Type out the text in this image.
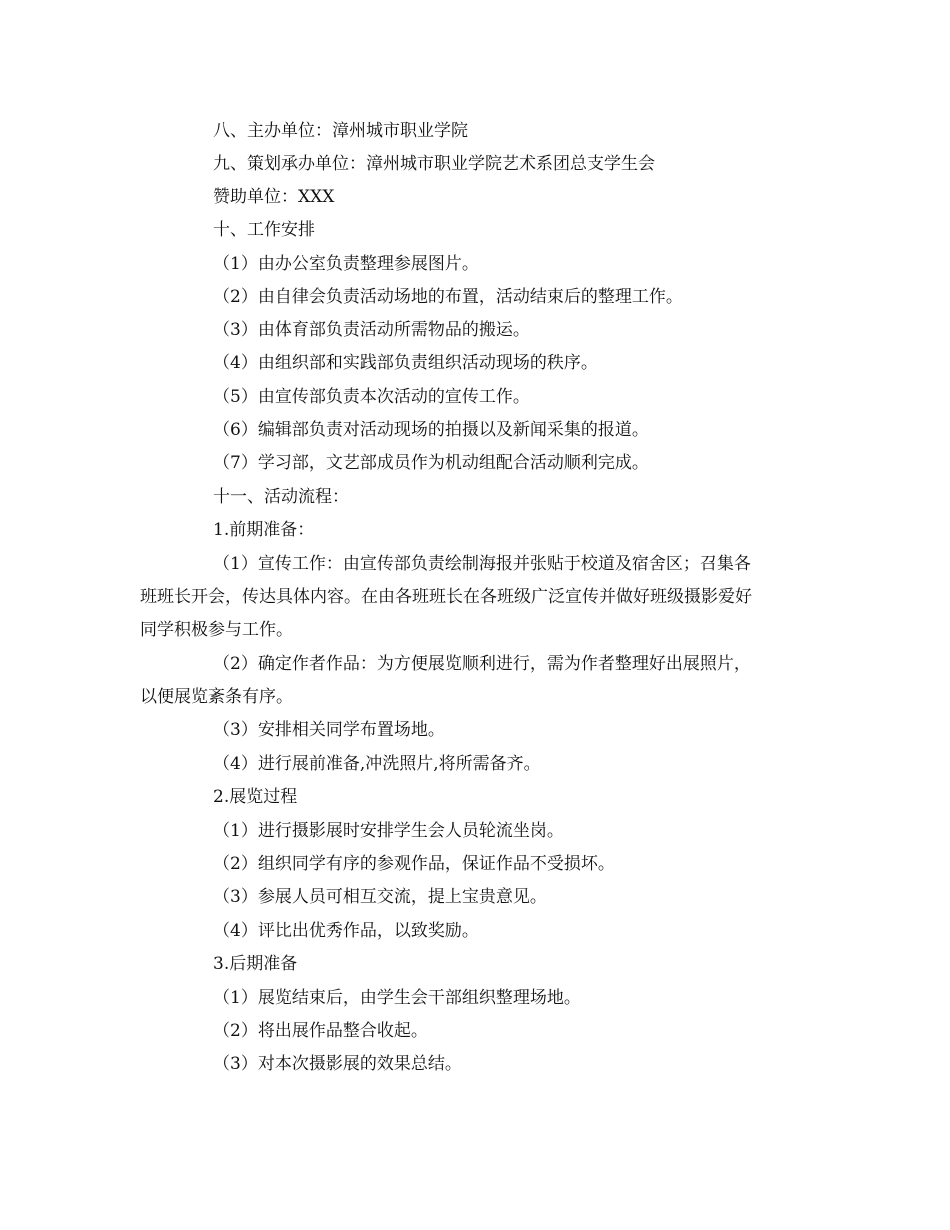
八、主办单位：漳州城市职业学院
九、策划承办单位：漳州城市职业学院艺术系团总支学生会
赞助单位：XXX
十、工作安排
（1）由办公室负责整理参展图片。
（2）由自律会负责活动场地的布置，活动结束后的整理工作。
（3）由体育部负责活动所需物品的搬运。
（4）由组织部和实践部负责组织活动现场的秩序。
（5）由宣传部负责本次活动的宣传工作。
（6）编辑部负责对活动现场的拍摄以及新闻采集的报道。
（7）学习部，文艺部成员作为机动组配合活动顺利完成。
十一、活动流程：
1.前期准备：
（1）宣传工作：由宣传部负责绘制海报并张贴于校道及宿舍区；召集各
班班长开会，传达具体内容。在由各班班长在各班级广泛宣传并做好班级摄影爱好
同学积极参与工作。
（2）确定作者作品：为方便展览顺利进行，需为作者整理好出展照片，
以便展览紊条有序。
（3）安排相关同学布置场地。
（4）进行展前准备,冲洗照片,将所需备齐。
2.展览过程
（1）进行摄影展时安排学生会人员轮流坐岗。
（2）组织同学有序的参观作品，保证作品不受损坏。
（3）参展人员可相互交流，提上宝贵意见。
（4）评比出优秀作品，以致奖励。
3.后期准备
（1）展览结束后，由学生会干部组织整理场地。
（2）将出展作品整合收起。
（3）对本次摄影展的效果总结。
